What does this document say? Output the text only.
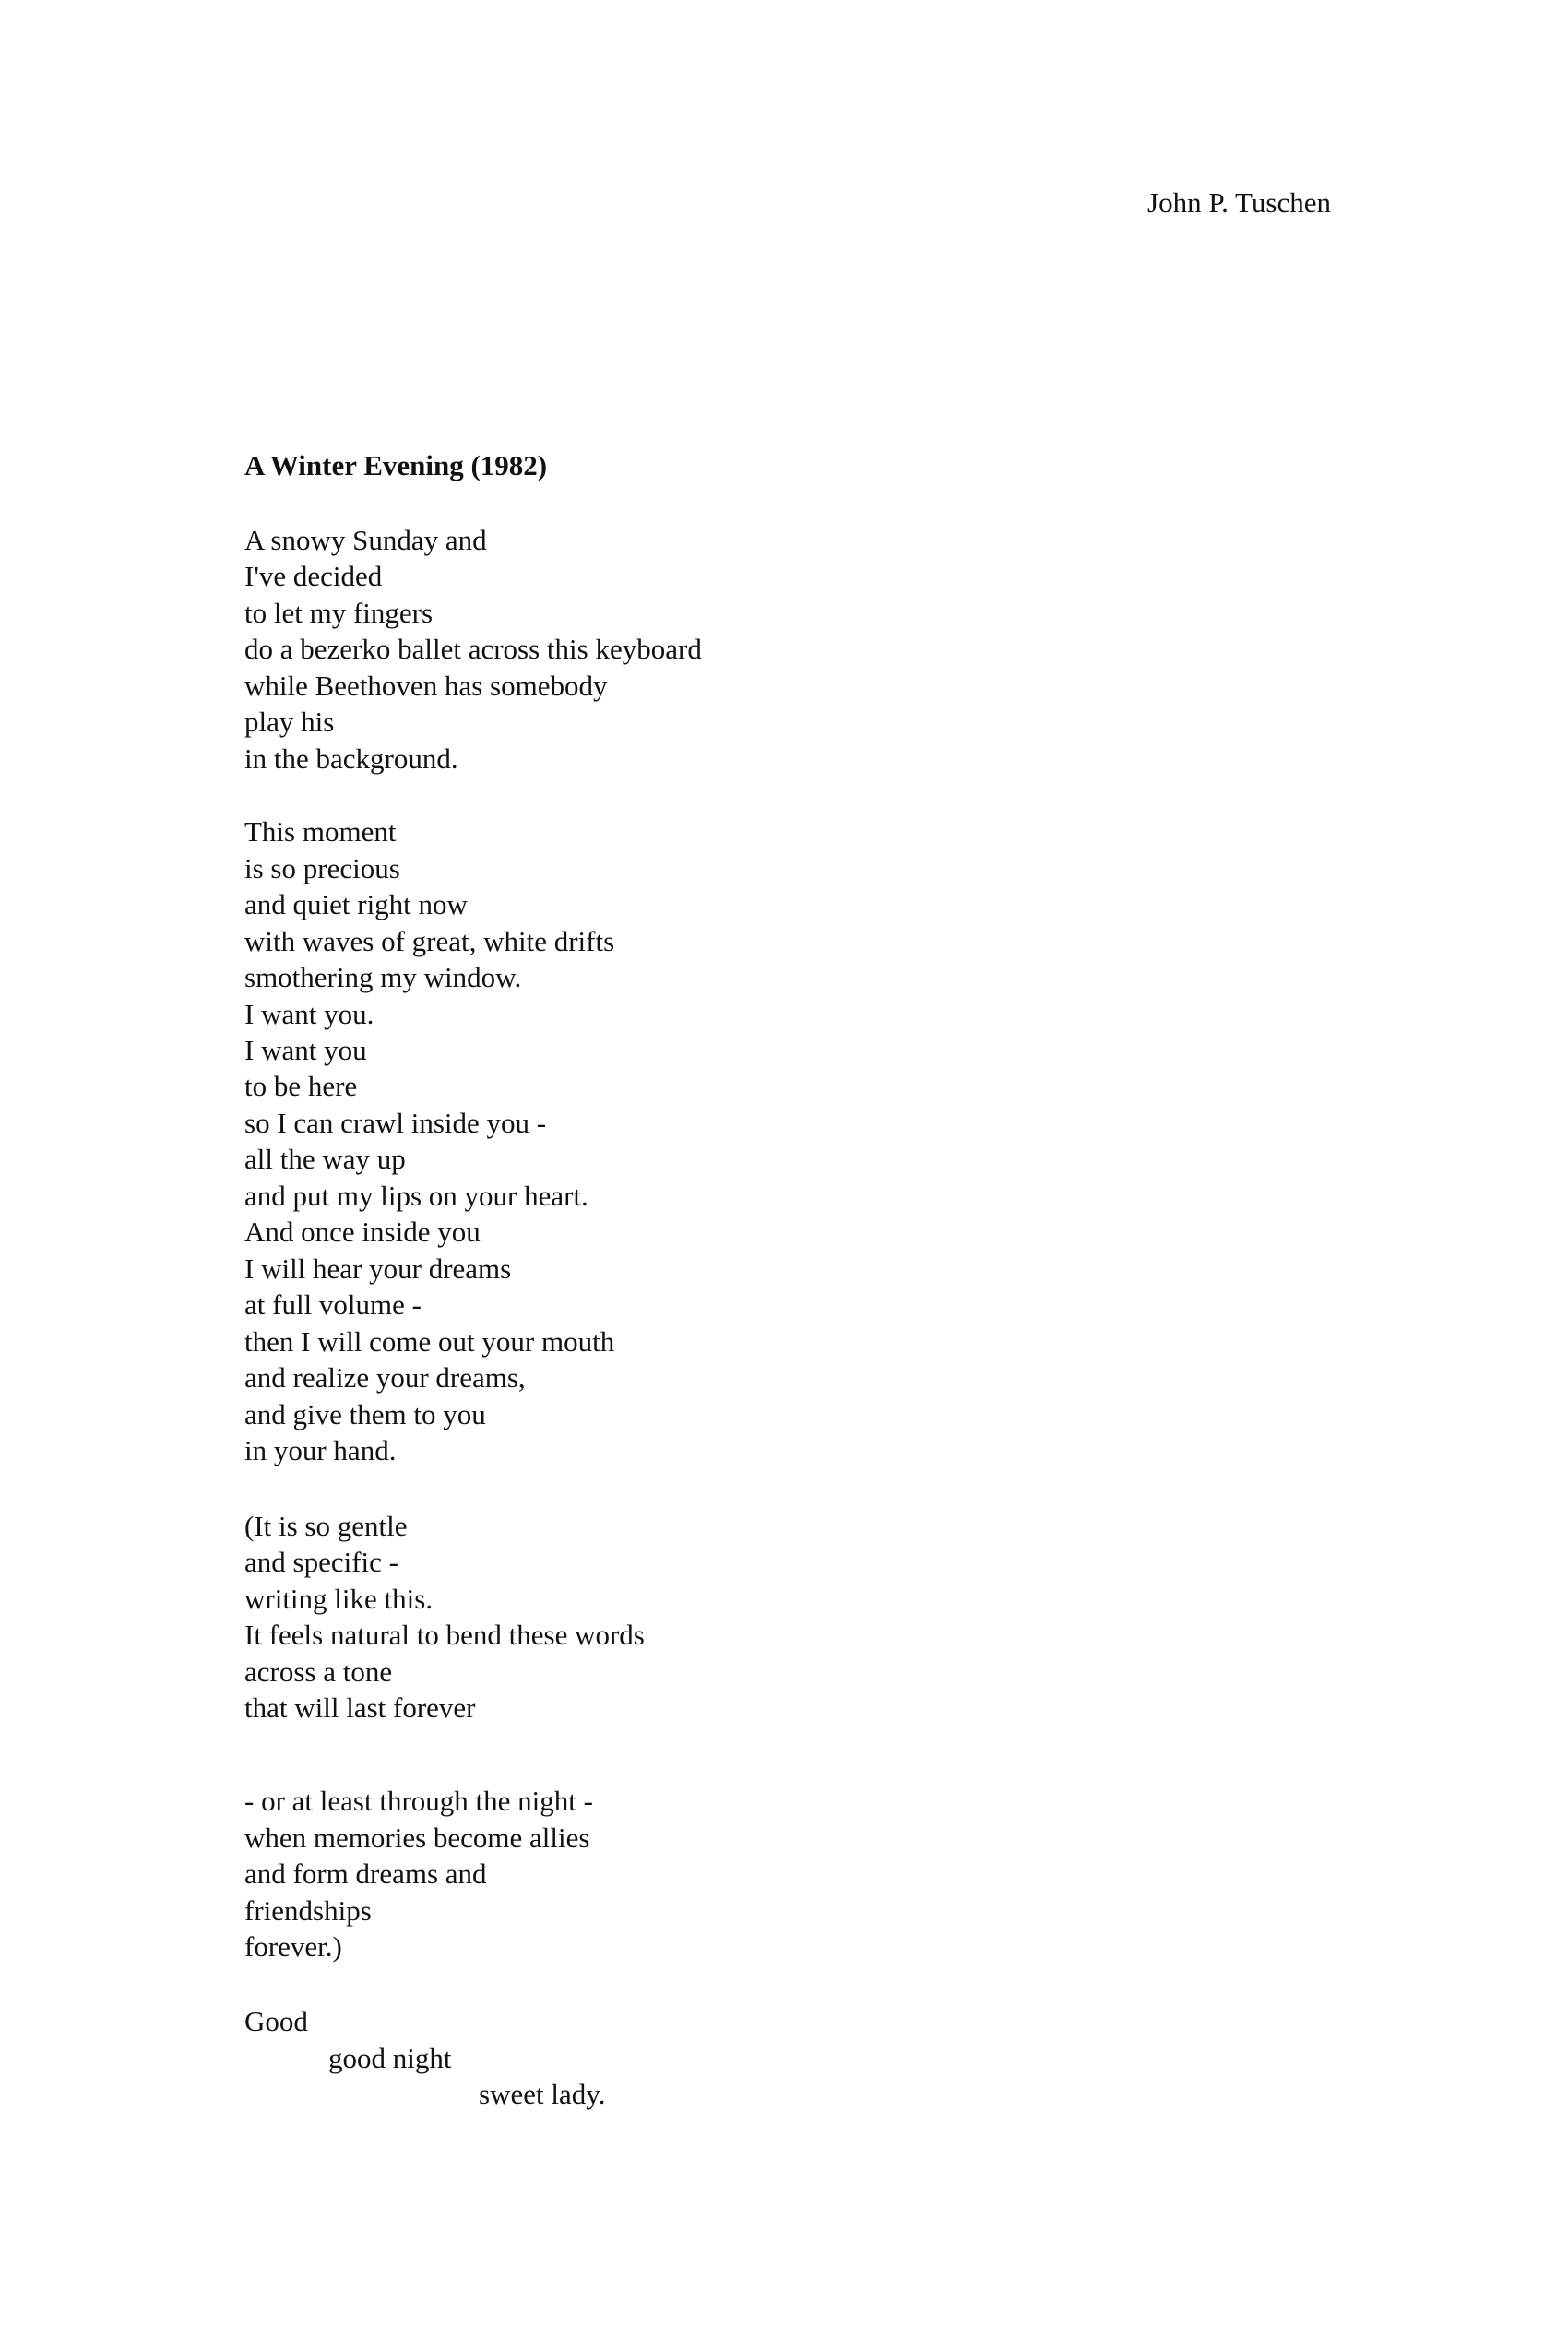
John P. Tuschen
A Winter Evening (1982)
A snowy Sunday and
I've decided
to let my fingers
do a bezerko ballet across this keyboard
while Beethoven has somebody
play his
in the background.
This moment
is so precious
and quiet right now
with waves of great, white drifts
smothering my window.
I want you.
I want you
to be here
so I can crawl inside you -
all the way up
and put my lips on your heart.
And once inside you
I will hear your dreams
at full volume -
then I will come out your mouth
and realize your dreams,
and give them to you
in your hand.
(It is so gentle
and specific -
writing like this.
It feels natural to bend these words
across a tone
that will last forever
- or at least through the night -
when memories become allies
and form dreams and
friendships
forever.)
Good
good night
sweet lady.
